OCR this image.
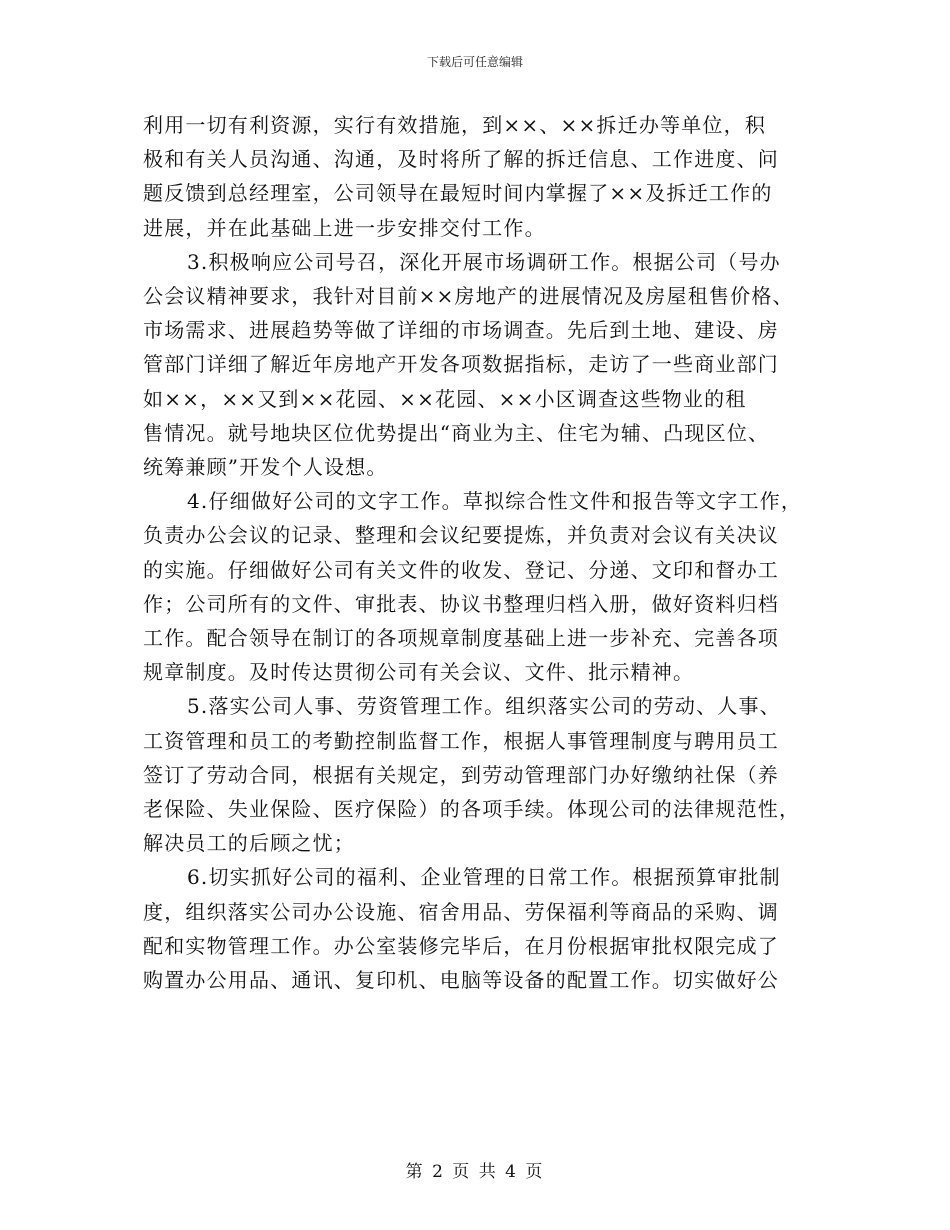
下载后可任意编辑

利用一切有利资源，实行有效措施，到××、××拆迁办等单位，积
极和有关人员沟通、沟通，及时将所了解的拆迁信息、工作进度、问
题反馈到总经理室，公司领导在最短时间内掌握了××及拆迁工作的
进展，并在此基础上进一步安排交付工作。

3.积极响应公司号召，深化开展市场调研工作。根据公司（号办
公会议精神要求，我针对目前××房地产的进展情况及房屋租售价格、
市场需求、进展趋势等做了详细的市场调查。先后到土地、建设、房
管部门详细了解近年房地产开发各项数据指标，走访了一些商业部门
如××，××又到××花园、××花园、××小区调查这些物业的租
售情况。就号地块区位优势提出“商业为主、住宅为辅、凸现区位、
统筹兼顾”开发个人设想。

4.仔细做好公司的文字工作。草拟综合性文件和报告等文字工作，
负责办公会议的记录、整理和会议纪要提炼，并负责对会议有关决议
的实施。仔细做好公司有关文件的收发、登记、分递、文印和督办工
作；公司所有的文件、审批表、协议书整理归档入册，做好资料归档
工作。配合领导在制订的各项规章制度基础上进一步补充、完善各项
规章制度。及时传达贯彻公司有关会议、文件、批示精神。

5.落实公司人事、劳资管理工作。组织落实公司的劳动、人事、
工资管理和员工的考勤控制监督工作，根据人事管理制度与聘用员工
签订了劳动合同，根据有关规定，到劳动管理部门办好缴纳社保（养
老保险、失业保险、医疗保险）的各项手续。体现公司的法律规范性，
解决员工的后顾之忧；

6.切实抓好公司的福利、企业管理的日常工作。根据预算审批制
度，组织落实公司办公设施、宿舍用品、劳保福利等商品的采购、调
配和实物管理工作。办公室装修完毕后，在月份根据审批权限完成了
购置办公用品、通讯、复印机、电脑等设备的配置工作。切实做好公

第 2 页 共 4 页
